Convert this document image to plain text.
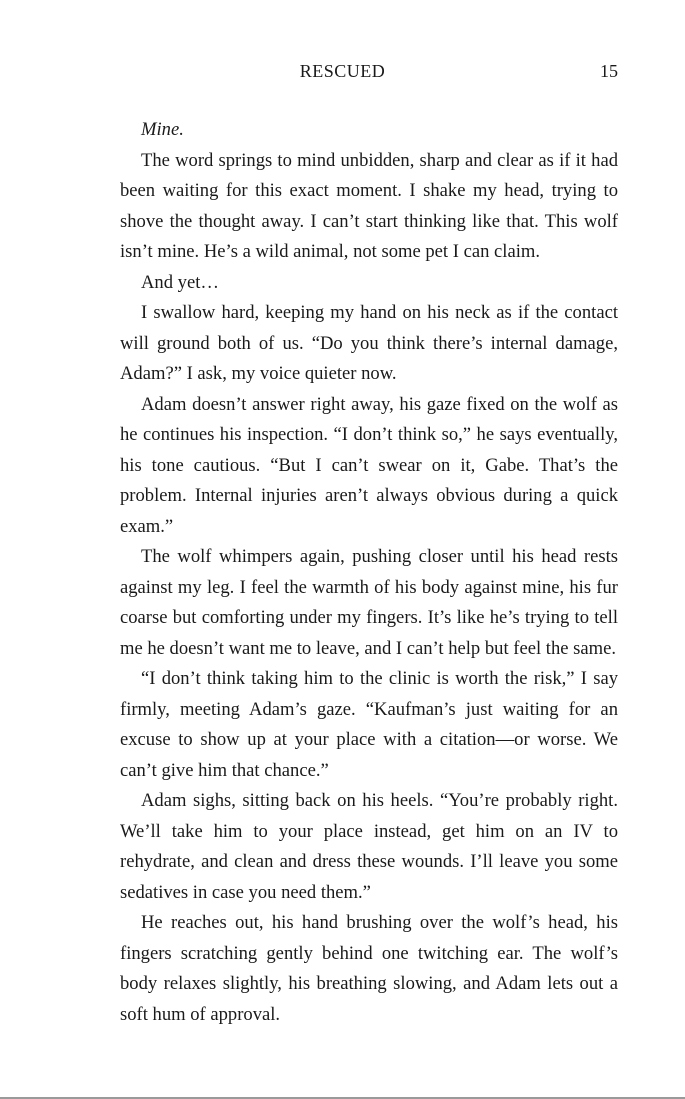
RESCUED	15

Mine.

The word springs to mind unbidden, sharp and clear as if it had been waiting for this exact moment. I shake my head, trying to shove the thought away. I can’t start thinking like that. This wolf isn’t mine. He’s a wild animal, not some pet I can claim.

And yet…

I swallow hard, keeping my hand on his neck as if the contact will ground both of us. “Do you think there’s internal damage, Adam?” I ask, my voice quieter now.

Adam doesn’t answer right away, his gaze fixed on the wolf as he continues his inspection. “I don’t think so,” he says eventually, his tone cautious. “But I can’t swear on it, Gabe. That’s the problem. Internal injuries aren’t always obvious during a quick exam.”

The wolf whimpers again, pushing closer until his head rests against my leg. I feel the warmth of his body against mine, his fur coarse but comforting under my fingers. It’s like he’s trying to tell me he doesn’t want me to leave, and I can’t help but feel the same.

“I don’t think taking him to the clinic is worth the risk,” I say firmly, meeting Adam’s gaze. “Kaufman’s just waiting for an excuse to show up at your place with a citation—or worse. We can’t give him that chance.”

Adam sighs, sitting back on his heels. “You’re probably right. We’ll take him to your place instead, get him on an IV to rehydrate, and clean and dress these wounds. I’ll leave you some sedatives in case you need them.”

He reaches out, his hand brushing over the wolf’s head, his fingers scratching gently behind one twitching ear. The wolf’s body relaxes slightly, his breathing slowing, and Adam lets out a soft hum of approval.
